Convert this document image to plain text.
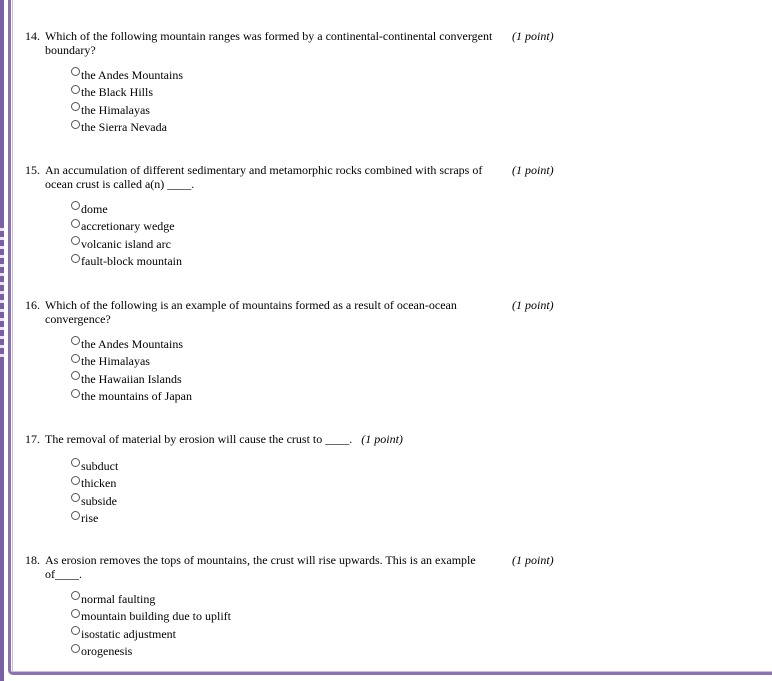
14. Which of the following mountain ranges was formed by a continental-continental convergent boundary?
(1 point)
the Andes Mountains
the Black Hills
the Himalayas
the Sierra Nevada
15. An accumulation of different sedimentary and metamorphic rocks combined with scraps of ocean crust is called a(n) ____.
(1 point)
dome
accretionary wedge
volcanic island arc
fault-block mountain
16. Which of the following is an example of mountains formed as a result of ocean-ocean convergence?
(1 point)
the Andes Mountains
the Himalayas
the Hawaiian Islands
the mountains of Japan
17. The removal of material by erosion will cause the crust to ____. (1 point)
subduct
thicken
subside
rise
18. As erosion removes the tops of mountains, the crust will rise upwards. This is an example of____.
(1 point)
normal faulting
mountain building due to uplift
isostatic adjustment
orogenesis
